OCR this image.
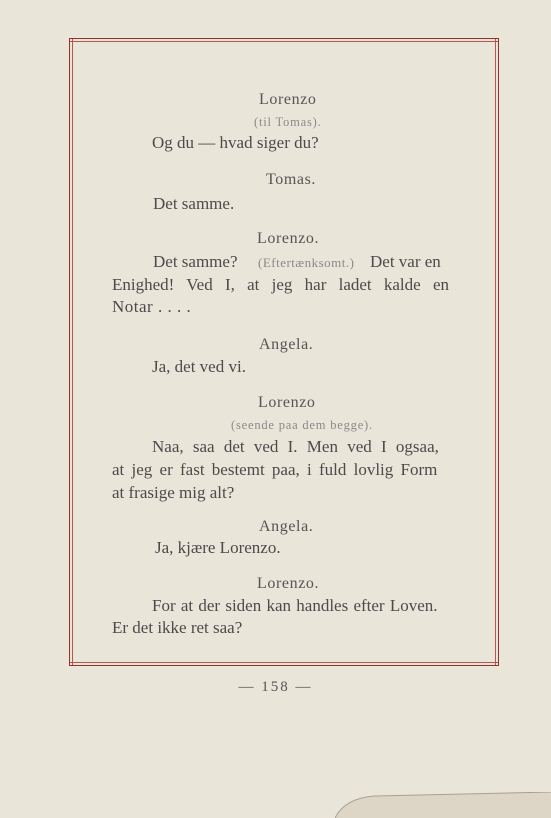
Lorenzo
(til Tomas).
Og du — hvad siger du?
Tomas.
Det samme.
Lorenzo.
Det samme? (Eftertænksomt.) Det var en
Enighed! Ved I, at jeg har ladet kalde en
Notar . . . .
Angela.
Ja, det ved vi.
Lorenzo
(seende paa dem begge).
Naa, saa det ved I. Men ved I ogsaa,
at jeg er fast bestemt paa, i fuld lovlig Form
at frasige mig alt?
Angela.
Ja, kjære Lorenzo.
Lorenzo.
For at der siden kan handles efter Loven.
Er det ikke ret saa?
— 158 —
